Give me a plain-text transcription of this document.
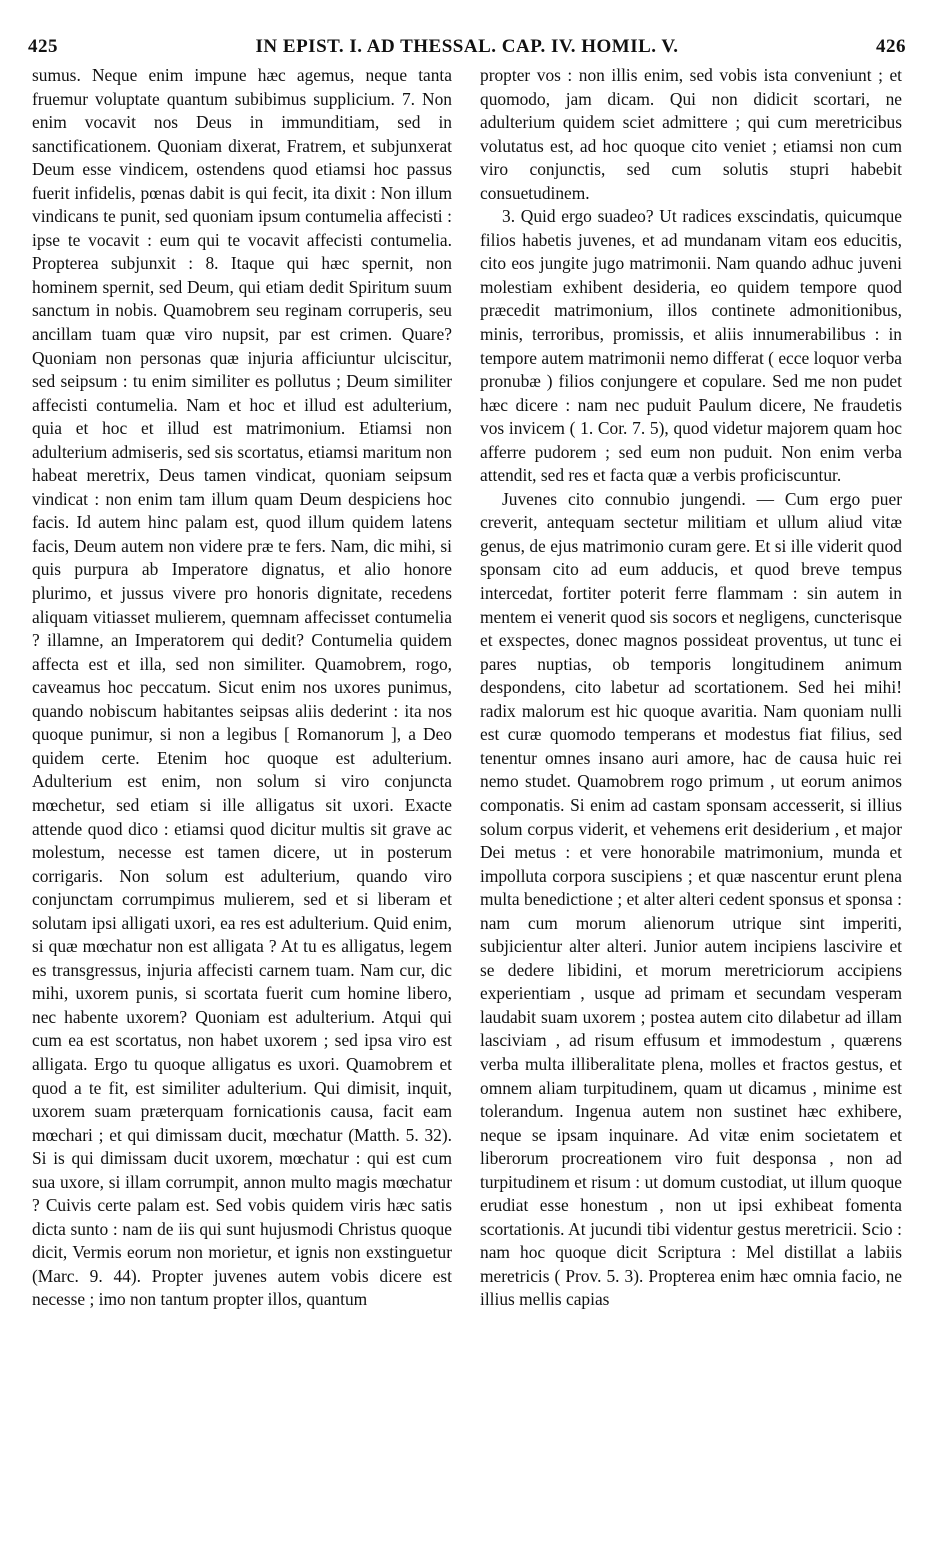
425	IN EPIST. I. AD THESSAL. CAP. IV. HOMIL. V.	426

sumus. Neque enim impune hæc agemus, neque tanta fruemur voluptate quantum subibimus supplicium. 7. Non enim vocavit nos Deus in immunditiam, sed in sanctificationem. Quoniam dixerat, Fratrem, et subjunxerat Deum esse vindicem, ostendens quod etiamsi hoc passus fuerit infidelis, pœnas dabit is qui fecit, ita dixit : Non illum vindicans te punit, sed quoniam ipsum contumelia affecisti : ipse te vocavit : eum qui te vocavit affecisti contumelia. Propterea subjunxit : 8. Itaque qui hæc spernit, non hominem spernit, sed Deum, qui etiam dedit Spiritum suum sanctum in nobis. Quamobrem seu reginam corruperis, seu ancillam tuam quæ viro nupsit, par est crimen. Quare? Quoniam non personas quæ injuria afficiuntur ulciscitur, sed seipsum : tu enim similiter es pollutus ; Deum similiter affecisti contumelia. Nam et hoc et illud est adulterium, quia et hoc et illud est matrimonium. Etiamsi non adulterium admiseris, sed sis scortatus, etiamsi maritum non habeat meretrix, Deus tamen vindicat, quoniam seipsum vindicat : non enim tam illum quam Deum despiciens hoc facis. Id autem hinc palam est, quod illum quidem latens facis, Deum autem non videre præ te fers. Nam, dic mihi, si quis purpura ab Imperatore dignatus, et alio honore plurimo, et jussus vivere pro honoris dignitate, recedens aliquam vitiasset mulierem, quemnam affecisset contumelia ? illamne, an Imperatorem qui dedit? Contumelia quidem affecta est et illa, sed non similiter. Quamobrem, rogo, caveamus hoc peccatum. Sicut enim nos uxores punimus, quando nobiscum habitantes seipsas aliis dederint : ita nos quoque punimur, si non a legibus [ Romanorum ], a Deo quidem certe. Etenim hoc quoque est adulterium. Adulterium est enim, non solum si viro conjuncta mœchetur, sed etiam si ille alligatus sit uxori. Exacte attende quod dico : etiamsi quod dicitur multis sit grave ac molestum, necesse est tamen dicere, ut in posterum corrigaris. Non solum est adulterium, quando viro conjunctam corrumpimus mulierem, sed et si liberam et solutam ipsi alligati uxori, ea res est adulterium. Quid enim, si quæ mœchatur non est alligata ? At tu es alligatus, legem es transgressus, injuria affecisti carnem tuam. Nam cur, dic mihi, uxorem punis, si scortata fuerit cum homine libero, nec habente uxorem? Quoniam est adulterium. Atqui qui cum ea est scortatus, non habet uxorem ; sed ipsa viro est alligata. Ergo tu quoque alligatus es uxori. Quamobrem et quod a te fit, est similiter adulterium. Qui dimisit, inquit, uxorem suam præterquam fornicationis causa, facit eam mœchari ; et qui dimissam ducit, mœchatur (Matth. 5. 32). Si is qui dimissam ducit uxorem, mœchatur : qui est cum sua uxore, si illam corrumpit, annon multo magis mœchatur ? Cuivis certe palam est. Sed vobis quidem viris hæc satis dicta sunto : nam de iis qui sunt hujusmodi Christus quoque dicit, Vermis eorum non morietur, et ignis non exstinguetur (Marc. 9. 44). Propter juvenes autem vobis dicere est necesse ; imo non tantum propter illos, quantum

propter vos : non illis enim, sed vobis ista conveniunt ; et quomodo, jam dicam. Qui non didicit scortari, ne adulterium quidem sciet admittere ; qui cum meretricibus volutatus est, ad hoc quoque cito veniet ; etiamsi non cum viro conjunctis, sed cum solutis stupri habebit consuetudinem.

3. Quid ergo suadeo? Ut radices exscindatis, quicumque filios habetis juvenes, et ad mundanam vitam eos educitis, cito eos jungite jugo matrimonii. Nam quando adhuc juveni molestiam exhibent desideria, eo quidem tempore quod præcedit matrimonium, illos continete admonitionibus, minis, terroribus, promissis, et aliis innumerabilibus : in tempore autem matrimonii nemo differat ( ecce loquor verba pronubæ ) filios conjungere et copulare. Sed me non pudet hæc dicere : nam nec puduit Paulum dicere, Ne fraudetis vos invicem ( 1. Cor. 7. 5), quod videtur majorem quam hoc afferre pudorem ; sed eum non puduit. Non enim verba attendit, sed res et facta quæ a verbis proficiscuntur.

Juvenes cito connubio jungendi. — Cum ergo puer creverit, antequam sectetur militiam et ullum aliud vitæ genus, de ejus matrimonio curam gere. Et si ille viderit quod sponsam cito ad eum adducis, et quod breve tempus intercedat, fortiter poterit ferre flammam : sin autem in mentem ei venerit quod sis socors et negligens, cuncterisque et exspectes, donec magnos possideat proventus, ut tunc ei pares nuptias, ob temporis longitudinem animum despondens, cito labetur ad scortationem. Sed hei mihi! radix malorum est hic quoque avaritia. Nam quoniam nulli est curæ quomodo temperans et modestus fiat filius, sed tenentur omnes insano auri amore, hac de causa huic rei nemo studet. Quamobrem rogo primum , ut eorum animos componatis. Si enim ad castam sponsam accesserit, si illius solum corpus viderit, et vehemens erit desiderium , et major Dei metus : et vere honorabile matrimonium, munda et impolluta corpora suscipiens ; et quæ nascentur erunt plena multa benedictione ; et alter alteri cedent sponsus et sponsa : nam cum morum alienorum utrique sint imperiti, subjicientur alter alteri. Junior autem incipiens lascivire et se dedere libidini, et morum meretriciorum accipiens experientiam , usque ad primam et secundam vesperam laudabit suam uxorem ; postea autem cito dilabetur ad illam lasciviam , ad risum effusum et immodestum , quærens verba multa illiberalitate plena, molles et fractos gestus, et omnem aliam turpitudinem, quam ut dicamus , minime est tolerandum. Ingenua autem non sustinet hæc exhibere, neque se ipsam inquinare. Ad vitæ enim societatem et liberorum procreationem viro fuit desponsa , non ad turpitudinem et risum : ut domum custodiat, ut illum quoque erudiat esse honestum , non ut ipsi exhibeat fomenta scortationis. At jucundi tibi videntur gestus meretricii. Scio : nam hoc quoque dicit Scriptura : Mel distillat a labiis meretricis ( Prov. 5. 3). Propterea enim hæc omnia facio, ne illius mellis capias
